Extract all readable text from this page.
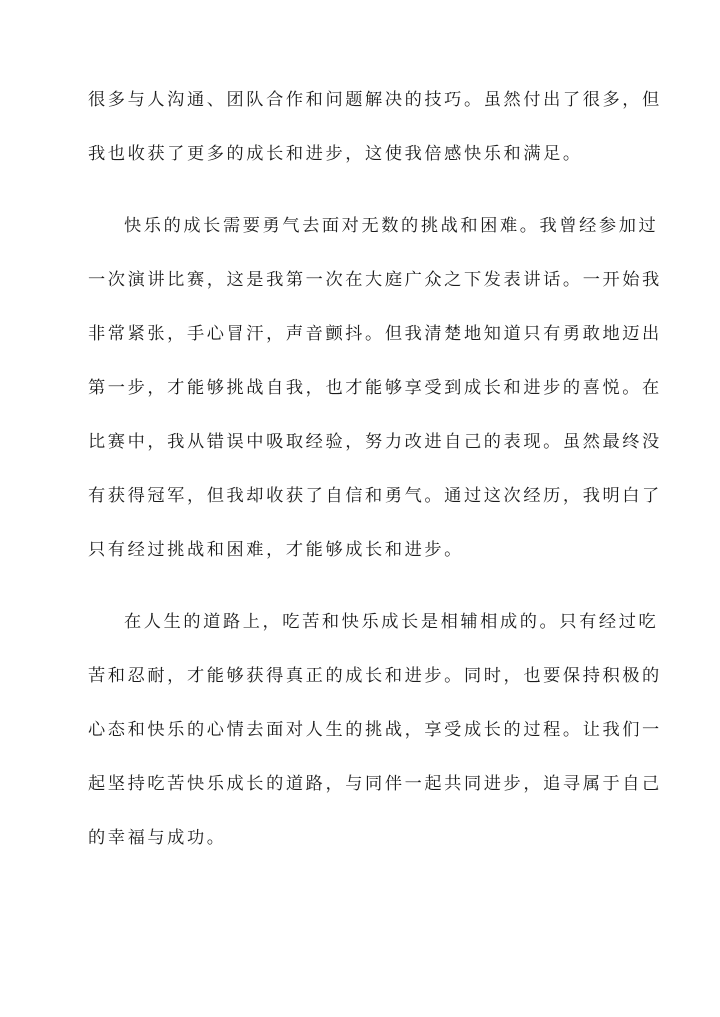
很多与人沟通、团队合作和问题解决的技巧。虽然付出了很多，但
我也收获了更多的成长和进步，这使我倍感快乐和满足。
快乐的成长需要勇气去面对无数的挑战和困难。我曾经参加过
一次演讲比赛，这是我第一次在大庭广众之下发表讲话。一开始我
非常紧张，手心冒汗，声音颤抖。但我清楚地知道只有勇敢地迈出
第一步，才能够挑战自我，也才能够享受到成长和进步的喜悦。在
比赛中，我从错误中吸取经验，努力改进自己的表现。虽然最终没
有获得冠军，但我却收获了自信和勇气。通过这次经历，我明白了
只有经过挑战和困难，才能够成长和进步。
在人生的道路上，吃苦和快乐成长是相辅相成的。只有经过吃
苦和忍耐，才能够获得真正的成长和进步。同时，也要保持积极的
心态和快乐的心情去面对人生的挑战，享受成长的过程。让我们一
起坚持吃苦快乐成长的道路，与同伴一起共同进步，追寻属于自己
的幸福与成功。
